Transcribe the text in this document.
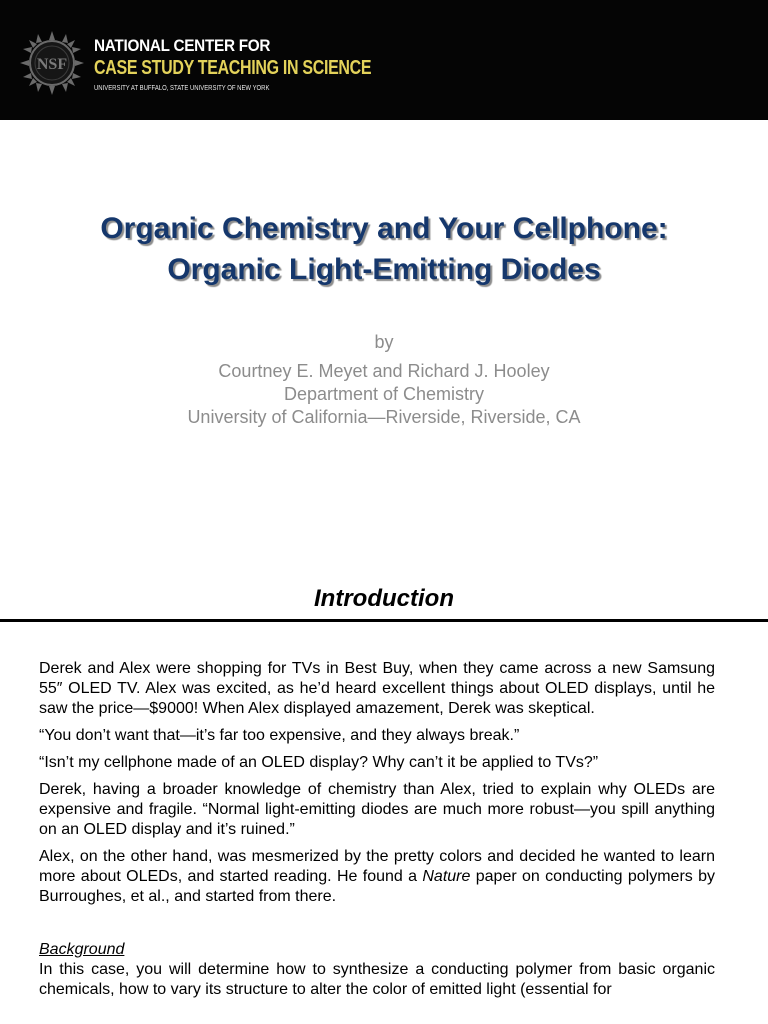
NSF
NATIONAL CENTER FOR
CASE STUDY TEACHING IN SCIENCE
UNIVERSITY AT BUFFALO, STATE UNIVERSITY OF NEW YORK
Organic Chemistry and Your Cellphone:
Organic Light-Emitting Diodes
by
Courtney E. Meyet and Richard J. Hooley
Department of Chemistry
University of California—Riverside, Riverside, CA
Introduction

Derek and Alex were shopping for TVs in Best Buy, when they came across a new Samsung 55″ OLED TV. Alex was excited, as he’d heard excellent things about OLED displays, until he saw the price—$9000! When Alex displayed amazement, Derek was skeptical.

“You don’t want that—it’s far too expensive, and they always break.”

“Isn’t my cellphone made of an OLED display? Why can’t it be applied to TVs?”

Derek, having a broader knowledge of chemistry than Alex, tried to explain why OLEDs are expensive and fragile. “Normal light-emitting diodes are much more robust—you spill anything on an OLED display and it’s ruined.”

Alex, on the other hand, was mesmerized by the pretty colors and decided he wanted to learn more about OLEDs, and started reading. He found a Nature paper on conducting polymers by Burroughes, et al., and started from there.

Background

In this case, you will determine how to synthesize a conducting polymer from basic organic chemicals, how to vary its structure to alter the color of emitted light (essential for
